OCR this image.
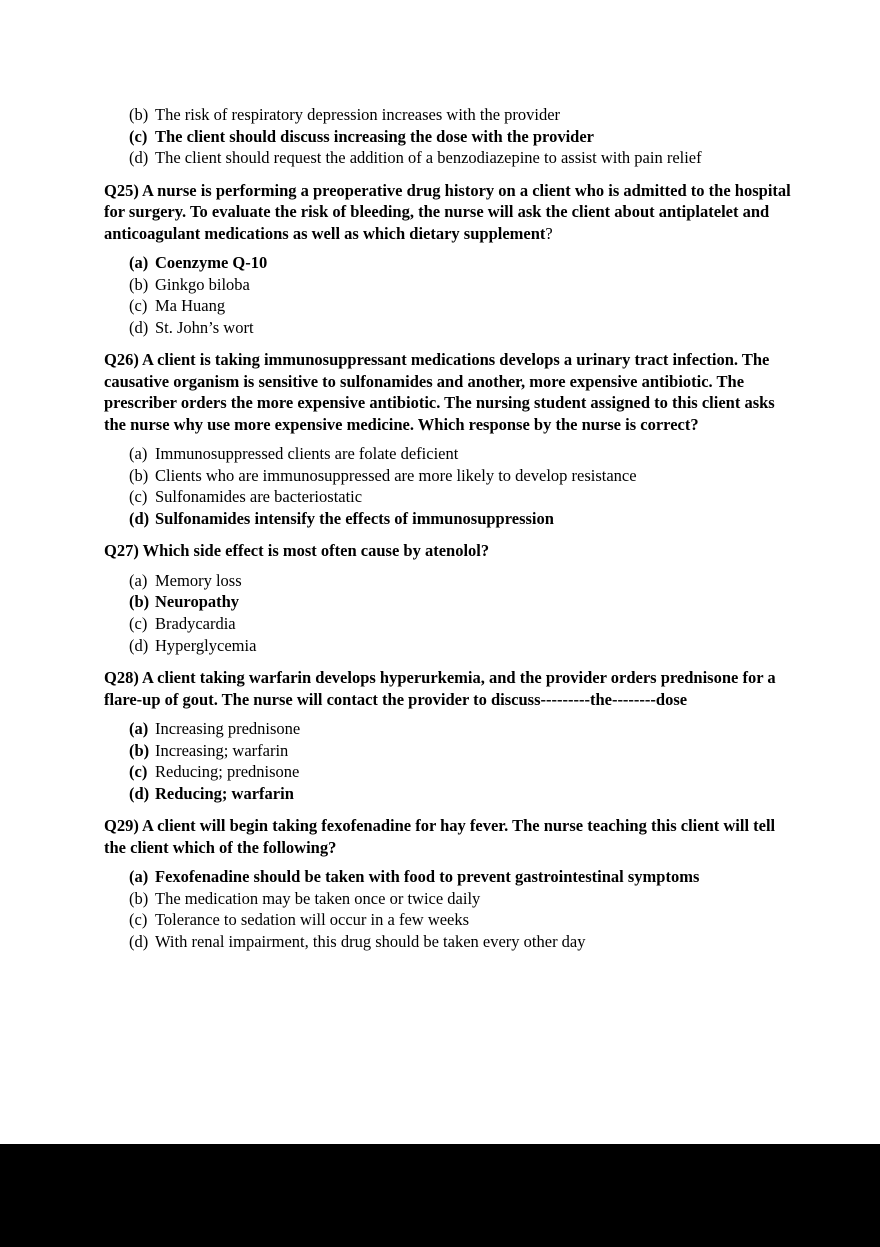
(b) The risk of respiratory depression increases with the provider
(c) The client should discuss increasing the dose with the provider
(d) The client should request the addition of a benzodiazepine to assist with pain relief

Q25) A nurse is performing a preoperative drug history on a client who is admitted to the hospital for surgery. To evaluate the risk of bleeding, the nurse will ask the client about antiplatelet and anticoagulant medications as well as which dietary supplement?

(a) Coenzyme Q-10
(b) Ginkgo biloba
(c) Ma Huang
(d) St. John’s wort

Q26) A client is taking immunosuppressant medications develops a urinary tract infection. The causative organism is sensitive to sulfonamides and another, more expensive antibiotic. The prescriber orders the more expensive antibiotic. The nursing student assigned to this client asks the nurse why use more expensive medicine. Which response by the nurse is correct?

(a) Immunosuppressed clients are folate deficient
(b) Clients who are immunosuppressed are more likely to develop resistance
(c) Sulfonamides are bacteriostatic
(d) Sulfonamides intensify the effects of immunosuppression

Q27) Which side effect is most often cause by atenolol?

(a) Memory loss
(b) Neuropathy
(c) Bradycardia
(d) Hyperglycemia

Q28) A client taking warfarin develops hyperurkemia, and the provider orders prednisone for a flare-up of gout. The nurse will contact the provider to discuss---------the--------dose

(a) Increasing prednisone
(b) Increasing; warfarin
(c) Reducing; prednisone
(d) Reducing; warfarin

Q29) A client will begin taking fexofenadine for hay fever. The nurse teaching this client will tell the client which of the following?

(a) Fexofenadine should be taken with food to prevent gastrointestinal symptoms
(b) The medication may be taken once or twice daily
(c) Tolerance to sedation will occur in a few weeks
(d) With renal impairment, this drug should be taken every other day
